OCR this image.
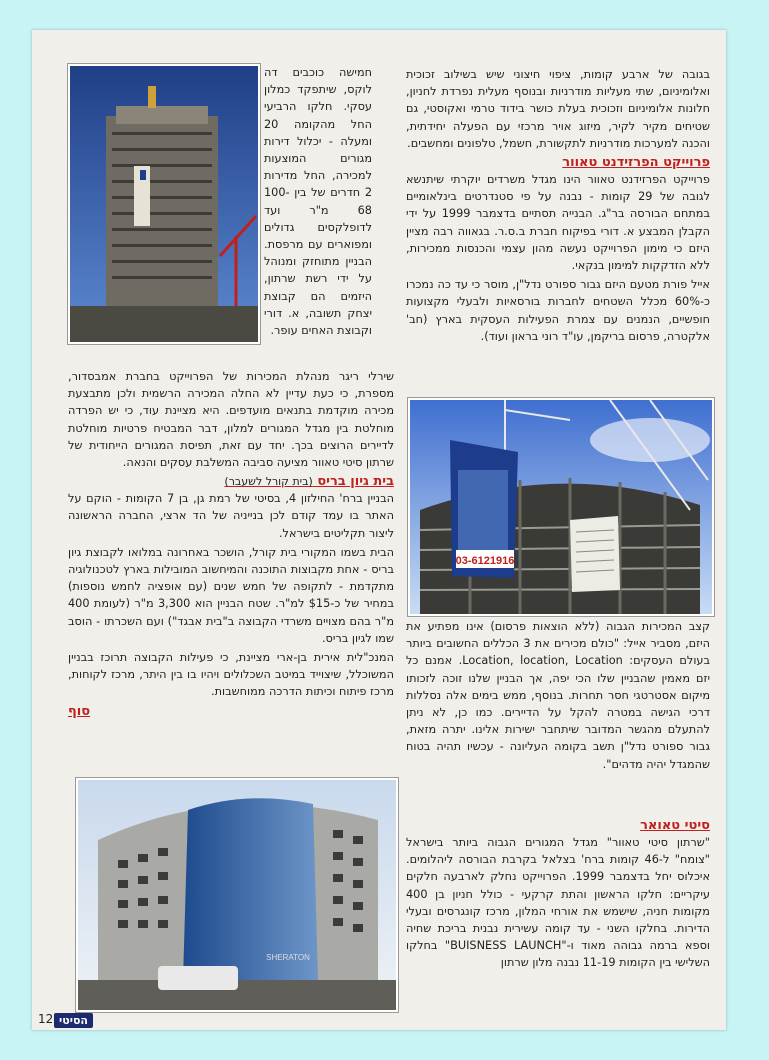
בגובה של ארבע קומות, ציפוי חיצוני שיש בשילוב זכוכית ואלומיניום, שתי מעליות מודרניות ובנוסף מעלית נפרדת לחניון, חלונות אלומיניום וזכוכית בעלת כושר בידוד טרמי ואקוסטי, גם שטיחים מקיר לקיר, מיזוג אויר מרכזי עם הפעלה יחידתית, והכנה למערכות מודרניות לתקשורת, חשמל, טלפונים ומחשבים.

פרוייקט הפרזידנט טאוור

פרוייקט הפרזידנט טאוור הינו מגדל משרדים יוקרתי שיתנשא לגובה של 29 קומות - נבנה על פי סטנדרטים בינלאומיים במתחם הבורסה בר"ג. הבנייה תסתיים בדצמבר 1999 על ידי הקבלן המבצע א. דורי בפיקוח חברת ב.ס.ר. בגאווה רבה מציין היזם כי מימון הפרוייקט נעשה מהון עצמי והכנסות ממכירות, ללא הזדקקות למימון בנקאי.

אייל פורת מטעם היזם גבור ספורט נדל"ן, מוסר כי עד כה נמכרו כ-60% מכלל השטחים לחברות בורסאיות ולבעלי מקצועות חופשיים, הנמנים עם צמרת הפעילות העסקית בארץ (חב' אלקטרה, פרסום בריקמן, עו"ד רוני בראון ועוד).

03-6121916

קצב המכירות הגבוה (ללא הוצאות פרסום) אינו מפתיע את היזם, מסביר אייל: "כולם מכירים את 3 הכללים החשובים ביותר בעולם העסקים: Location, location, Location. אמנם כל יזם מאמין שהבניין שלו הכי יפה, אך הבניין שלנו זוכה לזכותו מיקום אסטרטגי חסר תחרות. בנוסף, ממש בימים אלה נסללות דרכי הגישה במטרה להקל על הדיירים. כמו כן, לא ניתן להתעלם מהגשר המדובר שיתחבר ישירות אלינו. יתרה מזאת, גבור ספורט נדל"ן תשב בקומה העליונה - עכשיו תהיה בטוח שהמגדל יהיה מדהים".

סיטי טאואר

"שרתון סיטי טאוור" מגדל המגורים הגבוה ביותר בישראל "צומח" ל-46 קומות ברח' בצלאל בקרבת הבורסה ליהלומים. איכלוס יחל בדצמבר 1999. הפרוייקט נחלק לארבעה חלקים עיקריים: חלקו הראשון והתת קרקעי - כולל חניון בן 400 מקומות חניה, שישמש את אורחי המלון, מרכז קונגרסים ובעלי הדירות. בחלקו השני - עד קומה עשירית נבנית בריכת שחיה וספא ברמה גבוהה מאוד ו-"BUISNESS LAUNCH" בחלקו השלישי בין הקומות 11-19 נבנה מלון שרתון

חמישה כוכבים דה לוקס, שיתפקד כמלון עסקי. חלקו הרביעי החל מהקומה 20 ומעלה - יכלול דירות מגורים המוצעות למכירה, החל מדירות 2 חדרים של בין 100-68 מ"ר ועד לדופלקסים גדולים ומפוארים עם מרפסת. הבניין מתוחזק ומנוהל על ידי רשת שרתון, היזמים הם קבוצת יצחק תשובה, א. דורי וקבוצת האחים עופר.

שירלי ריגר מנהלת המכירות של הפרוייקט בחברת אמבסדור, מספרת, כי כעת עדיין לא החלה המכירה הרשמית ולכן מתבצעת מכירה מוקדמת בתנאים מועדפים. היא מציינת עוד, כי יש הפרדה מוחלטת בין מגדל המגורים למלון, דבר המבטיח פרטיות מוחלטת לדיירים הרוצים בכך. יחד עם זאת, תפיסת המגורים הייחודית של שרתון סיטי טאוור מציעה סביבה המשלבת עסקים והנאה.

בית גיון בריס (בית קורל לשעבר)

הבניין ברח' החילזון 4, בסיטי של רמת גן, בן 7 הקומות - הוקם על האתר בו עמד קודם לכן בנייניה של הד ארצי, החברה הראשונה ליצור תקליטים בישראל.

הבית בשמו המקורי בית קורל, הושכר באחרונה במלואו לקבוצת גיון בריס - אחת מקבוצות התוכנה והמיחשוב המובילות בארץ לטכנולוגיה מתקדמת - לתקופה של חמש שנים (עם אופציה לחמש נוספות) במחיר של כ-$15 למ"ר. שטח הבניין הוא 3,300 מ"ר (לעומת 400 מ"ר בהם מצויים משרדי הקבוצה ב"בית אבגד") ועם השכרתו - הוסב שמו לגיון בריס.

המנכ"לית אירית בן-ארי מציינת, כי פעילות הקבוצה תרוכז בבניין המשוכלל, שיצוייד במיטב השכלולים ויהיו בו בין היתר, מרכז לקוחות, מרכז פיתוח וכיתות הדרכה ממוחשבות.

סוף
SHERATON
12 הסיטי
